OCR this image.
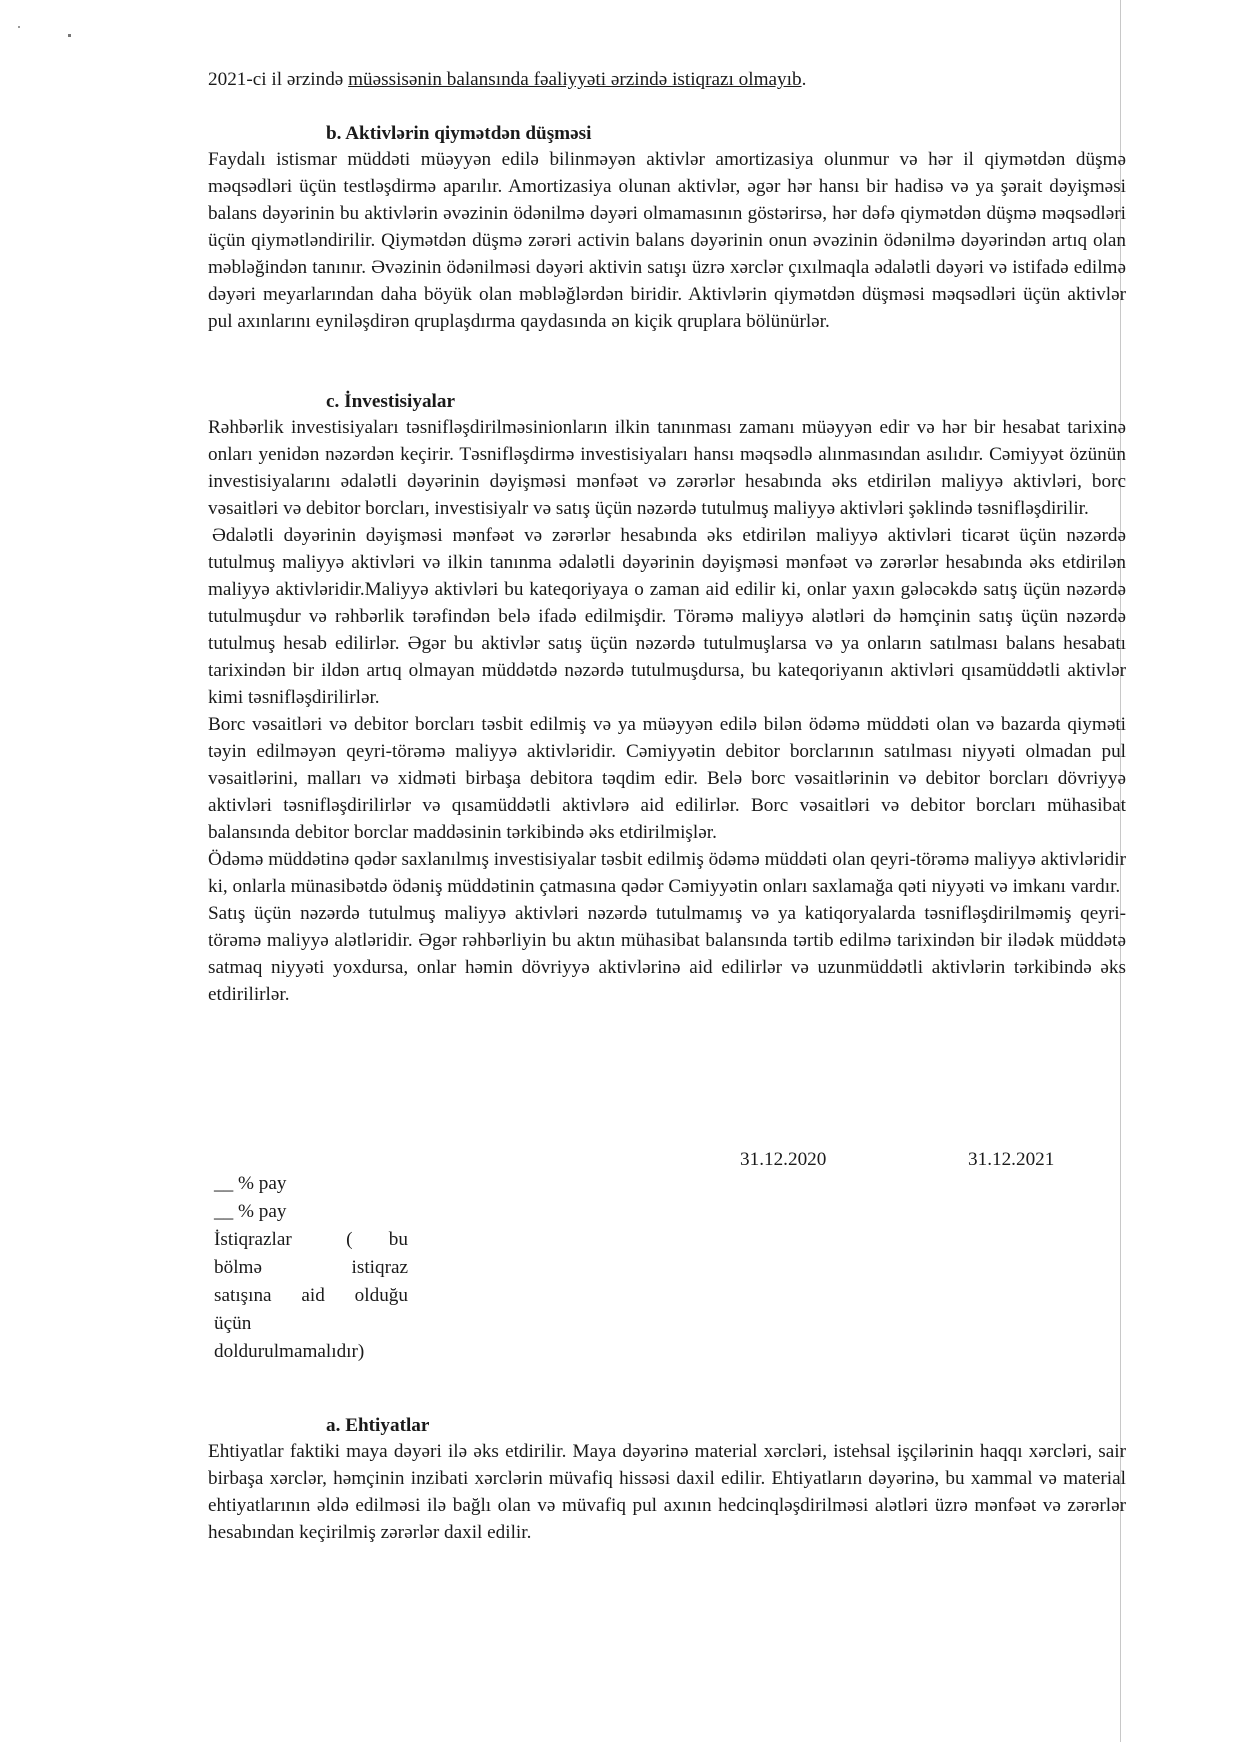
2021-ci il ərzində müəssisənin balansında fəaliyyəti ərzində istiqrazı olmayıb.
b. Aktivlərin qiymətdən düşməsi

Faydalı istismar müddəti müəyyən edilə bilinməyən aktivlər amortizasiya olunmur və hər il qiymətdən düşmə məqsədləri üçün testləşdirmə aparılır. Amortizasiya olunan aktivlər, əgər hər hansı bir hadisə və ya şərait dəyişməsi balans dəyərinin bu aktivlərin əvəzinin ödənilmə dəyəri olmamasının göstərirsə, hər dəfə qiymətdən düşmə məqsədləri üçün qiymətləndirilir. Qiymətdən düşmə zərəri activin balans dəyərinin onun əvəzinin ödənilmə dəyərindən artıq olan məbləğindən tanınır. Əvəzinin ödənilməsi dəyəri aktivin satışı üzrə xərclər çıxılmaqla ədalətli dəyəri və istifadə edilmə dəyəri meyarlarından daha böyük olan məbləğlərdən biridir. Aktivlərin qiymətdən düşməsi məqsədləri üçün aktivlər pul axınlarını eyniləşdirən qruplaşdırma qaydasında ən kiçik qruplara bölünürlər.

c. İnvestisiyalar

Rəhbərlik investisiyaları təsnifləşdirilməsinionların ilkin tanınması zamanı müəyyən edir və hər bir hesabat tarixinə onları yenidən nəzərdən keçirir. Təsnifləşdirmə investisiyaları hansı məqsədlə alınmasından asılıdır. Cəmiyyət özünün investisiyalarını ədalətli dəyərinin dəyişməsi mənfəət və zərərlər hesabında əks etdirilən maliyyə aktivləri, borc vəsaitləri və debitor borcları, investisiyalr və satış üçün nəzərdə tutulmuş maliyyə aktivləri şəklində təsnifləşdirilir.

Ədalətli dəyərinin dəyişməsi mənfəət və zərərlər hesabında əks etdirilən maliyyə aktivləri ticarət üçün nəzərdə tutulmuş maliyyə aktivləri və ilkin tanınma ədalətli dəyərinin dəyişməsi mənfəət və zərərlər hesabında əks etdirilən maliyyə aktivləridir.Maliyyə aktivləri bu kateqoriyaya o zaman aid edilir ki, onlar yaxın gələcəkdə satış üçün nəzərdə tutulmuşdur və rəhbərlik tərəfindən belə ifadə edilmişdir. Törəmə maliyyə alətləri də həmçinin satış üçün nəzərdə tutulmuş hesab edilirlər. Əgər bu aktivlər satış üçün nəzərdə tutulmuşlarsa və ya onların satılması balans hesabatı tarixindən bir ildən artıq olmayan müddətdə nəzərdə tutulmuşdursa, bu kateqoriyanın aktivləri qısamüddətli aktivlər kimi təsnifləşdirilirlər.

Borc vəsaitləri və debitor borcları təsbit edilmiş və ya müəyyən edilə bilən ödəmə müddəti olan və bazarda qiyməti təyin edilməyən qeyri-törəmə maliyyə aktivləridir. Cəmiyyətin debitor borclarının satılması niyyəti olmadan pul vəsaitlərini, malları və xidməti birbaşa debitora təqdim edir. Belə borc vəsaitlərinin və debitor borcları dövriyyə aktivləri təsnifləşdirilirlər və qısamüddətli aktivlərə aid edilirlər. Borc vəsaitləri və debitor borcları mühasibat balansında debitor borclar maddəsinin tərkibində əks etdirilmişlər.

Ödəmə müddətinə qədər saxlanılmış investisiyalar təsbit edilmiş ödəmə müddəti olan qeyri-törəmə maliyyə aktivləridir ki, onlarla münasibətdə ödəniş müddətinin çatmasına qədər Cəmiyyətin onları saxlamağa qəti niyyəti və imkanı vardır.

Satış üçün nəzərdə tutulmuş maliyyə aktivləri nəzərdə tutulmamış və ya katiqoryalarda təsnifləşdirilməmiş qeyri- törəmə maliyyə alətləridir. Əgər rəhbərliyin bu aktın mühasibat balansında tərtib edilmə tarixindən bir ilədək müddətə satmaq niyyəti yoxdursa, onlar həmin dövriyyə aktivlərinə aid edilirlər və uzunmüddətli aktivlərin tərkibində əks etdirilirlər.

31.12.2020	31.12.2021
__ % pay
__ % pay
İstiqrazlar	( bu
bölmə	istiqraz
satışına aid olduğu
üçün
doldurulmamalıdır)
a. Ehtiyatlar

Ehtiyatlar faktiki maya dəyəri ilə əks etdirilir. Maya dəyərinə material xərcləri, istehsal işçilərinin haqqı xərcləri, sair birbaşa xərclər, həmçinin inzibati xərclərin müvafiq hissəsi daxil edilir. Ehtiyatların dəyərinə, bu xammal və material ehtiyatlarının əldə edilməsi ilə bağlı olan və müvafiq pul axının hedcinqləşdirilməsi alətləri üzrə mənfəət və zərərlər hesabından keçirilmiş zərərlər daxil edilir.
